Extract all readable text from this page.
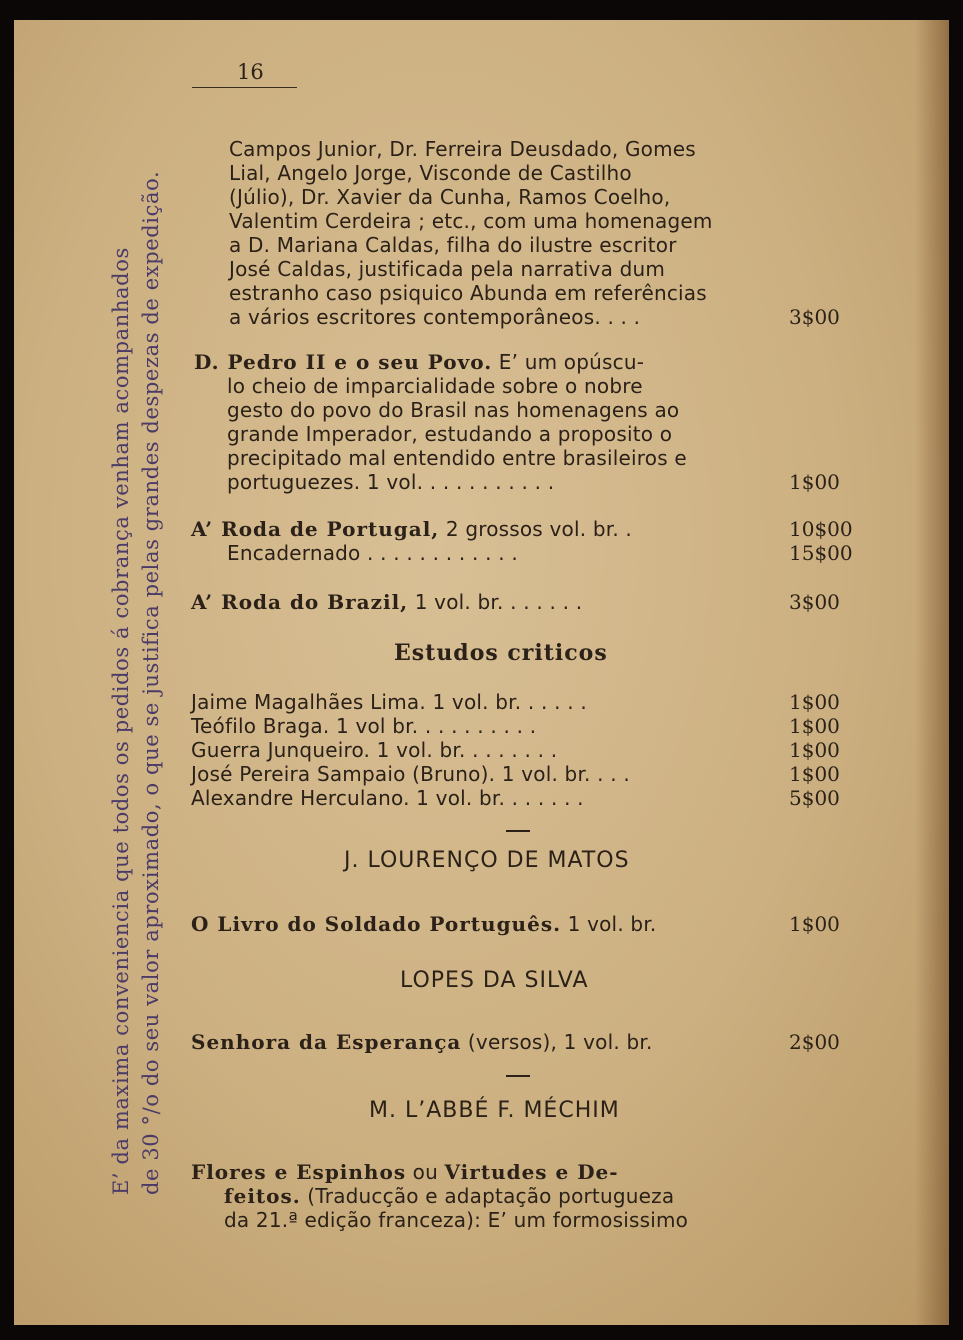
E’ da maxima conveniencia que todos os pedidos á cobrança venham acompanhados de 30 °/o do seu valor aproximado, o que se justifica pelas grandes despezas de expedição.
16
Campos Junior, Dr. Ferreira Deusdado, Gomes
Lial, Angelo Jorge, Visconde de Castilho
(Júlio), Dr. Xavier da Cunha, Ramos Coelho,
Valentim Cerdeira ; etc., com uma homenagem
a D. Mariana Caldas, filha do ilustre escritor
José Caldas, justificada pela narrativa dum
estranho caso psiquico Abunda em referências
a vários escritores contemporâneos. . . .	3$00
D. Pedro II e o seu Povo. E’ um opúscu-
lo cheio de imparcialidade sobre o nobre
gesto do povo do Brasil nas homenagens ao
grande Imperador, estudando a proposito o
precipitado mal entendido entre brasileiros e
portuguezes. 1 vol. . . . . . . . . . .	1$00
A’ Roda de Portugal, 2 grossos vol. br. .	10$00
Encadernado . . . . . . . . . . . .	15$00
A’ Roda do Brazil, 1 vol. br. . . . . . .	3$00
Estudos criticos
Jaime Magalhães Lima. 1 vol. br. . . . . .	1$00
Teófilo Braga. 1 vol br. . . . . . . . . .	1$00
Guerra Junqueiro. 1 vol. br. . . . . . . .	1$00
José Pereira Sampaio (Bruno). 1 vol. br. . . .	1$00
Alexandre Herculano. 1 vol. br. . . . . . .	5$00
J. LOURENÇO DE MATOS
O Livro do Soldado Português. 1 vol. br.	1$00
LOPES DA SILVA
Senhora da Esperança (versos), 1 vol. br.	2$00
M. L’ABBÉ F. MÉCHIM
Flores e Espinhos ou Virtudes e De-
feitos. (Traducção e adaptação portugueza
da 21.ª edição franceza): E’ um formosissimo
